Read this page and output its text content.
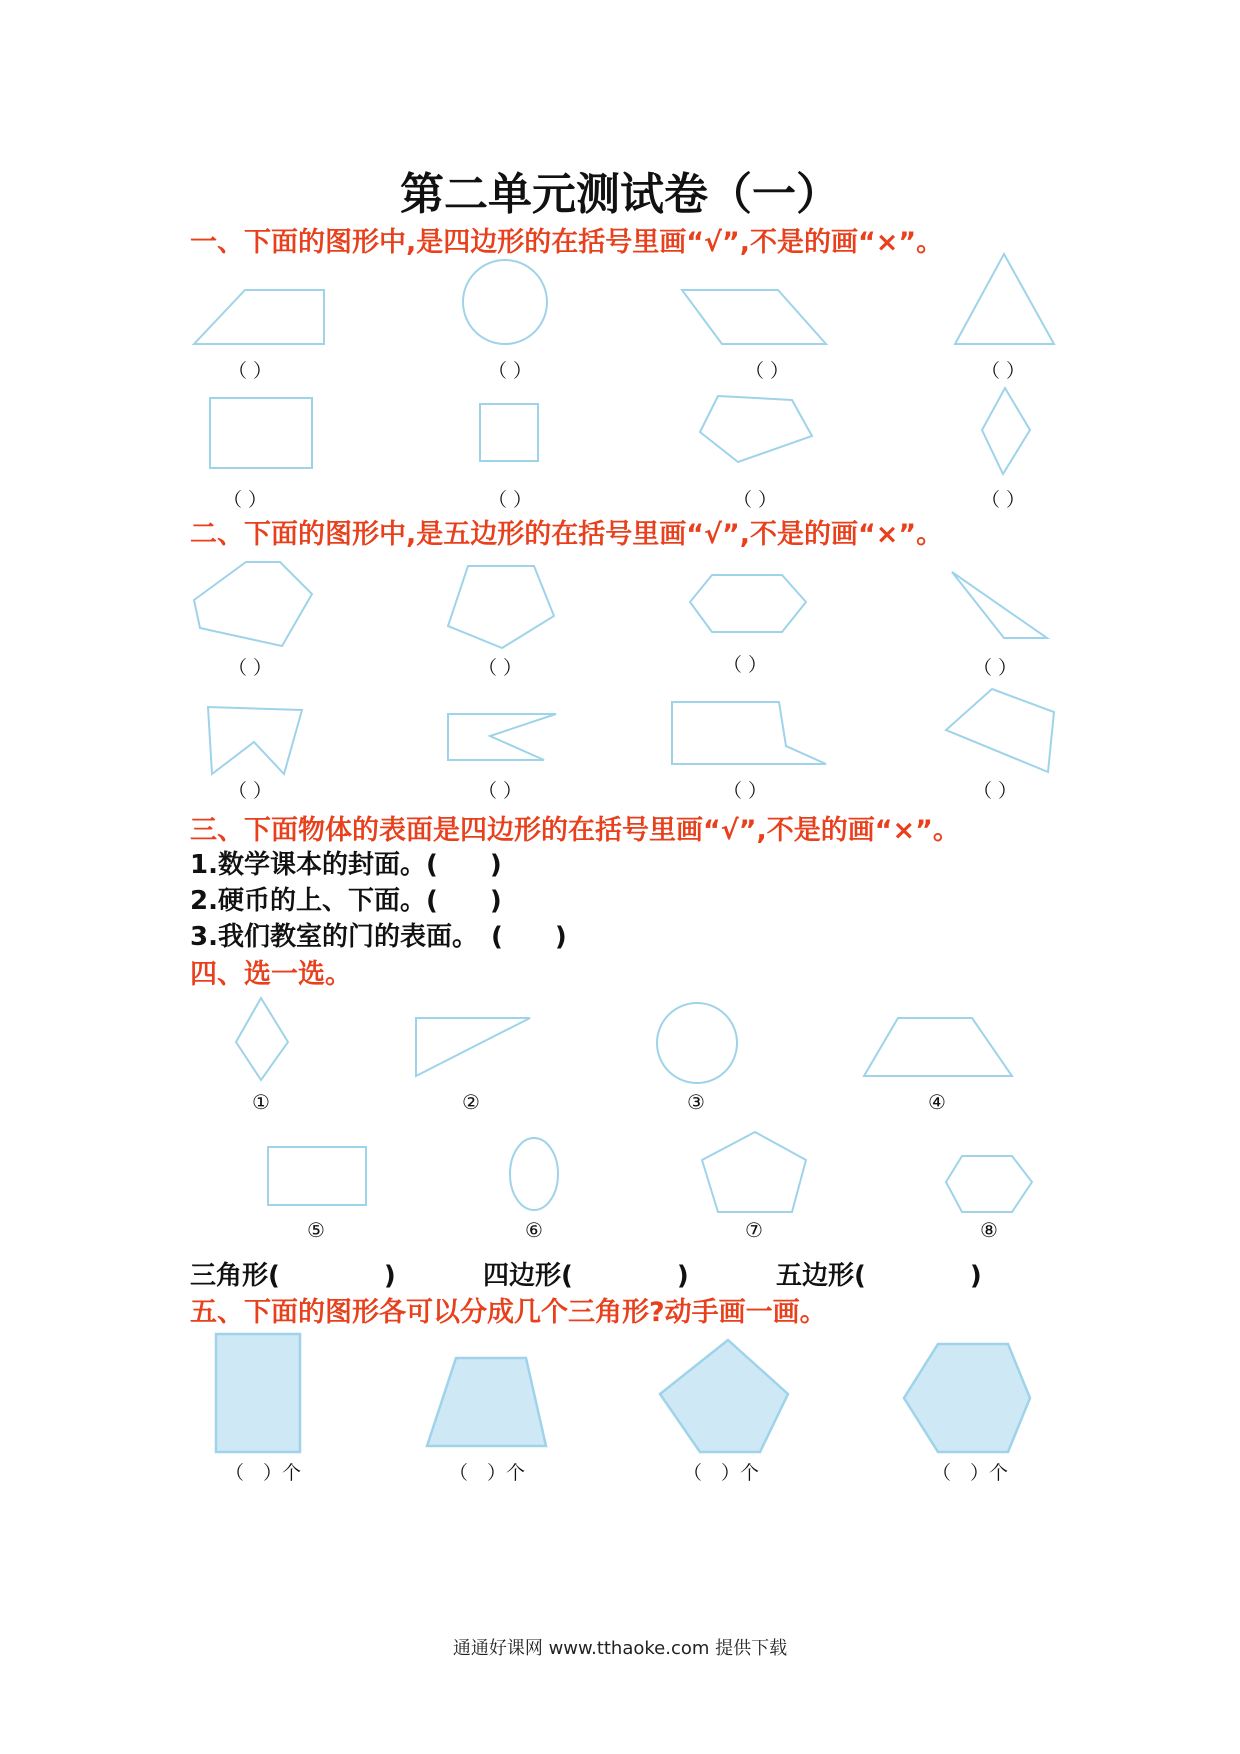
第二单元测试卷（一）
一、下面的图形中,是四边形的在括号里画“√”,不是的画“×”。
（ ）	（ ）	（ ）	（ ）
（ ）	（ ）	（ ）	（ ）
二、下面的图形中,是五边形的在括号里画“√”,不是的画“×”。
（ ）	（ ）	（ ）	（ ）
（ ）	（ ）	（ ）	（ ）
三、下面物体的表面是四边形的在括号里画“√”,不是的画“×”。
1.数学课本的封面。(　　)
2.硬币的上、下面。(　　)
3.我们教室的门的表面。　(　　)
四、选一选。
①	②	③	④
⑤	⑥	⑦	⑧
三角形(　　　　)	四边形(　　　　)	五边形(　　　　)
五、下面的图形各可以分成几个三角形?动手画一画。
（　）个	（　）个	（　）个	（　）个
通通好课网 www.tthaoke.com 提供下载
